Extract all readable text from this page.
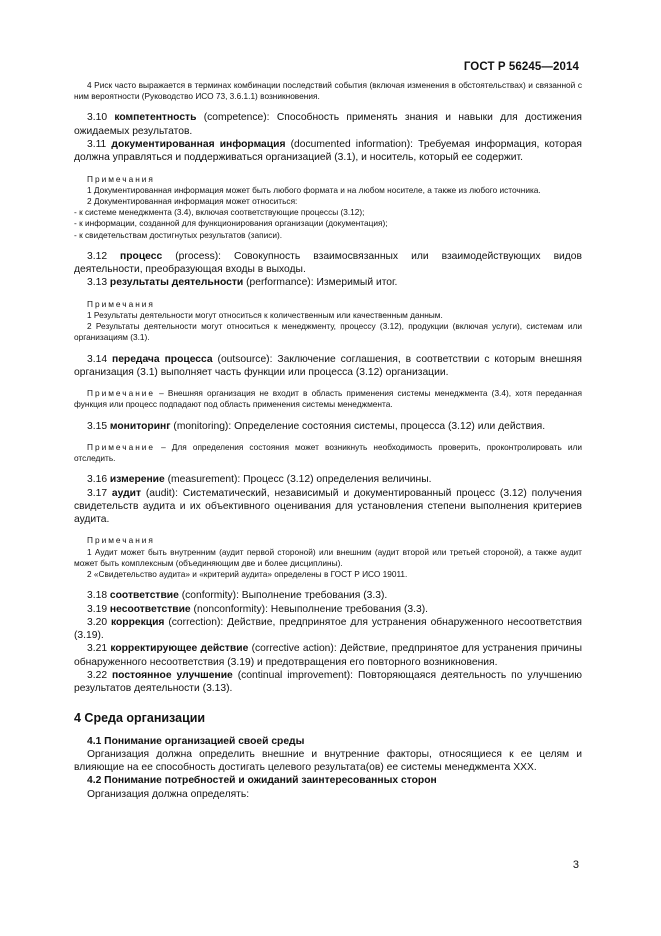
ГОСТ Р 56245—2014

4 Риск часто выражается в терминах комбинации последствий события (включая изменения в обстоятельствах) и связанной с ним вероятности (Руководство ИСО 73, 3.6.1.1) возникновения.

3.10 компетентность (competence): Способность применять знания и навыки для достижения ожидаемых результатов.

3.11 документированная информация (documented information): Требуемая информация, которая должна управляться и поддерживаться организацией (3.1), и носитель, который ее содержит.

Примечания

1 Документированная информация может быть любого формата и на любом носителе, а также из любого источника.

2 Документированная информация может относиться:

- к системе менеджмента (3.4), включая соответствующие процессы (3.12);

- к информации, созданной для функционирования организации (документация);

- к свидетельствам достигнутых результатов (записи).

3.12 процесс (process): Совокупность взаимосвязанных или взаимодействующих видов деятельности, преобразующая входы в выходы.

3.13 результаты деятельности (performance): Измеримый итог.

Примечания

1 Результаты деятельности могут относиться к количественным или качественным данным.

2 Результаты деятельности могут относиться к менеджменту, процессу (3.12), продукции (включая услуги), системам или организациям (3.1).

3.14 передача процесса (outsource): Заключение соглашения, в соответствии с которым внешняя организация (3.1) выполняет часть функции или процесса (3.12) организации.

Примечание – Внешняя организация не входит в область применения системы менеджмента (3.4), хотя переданная функция или процесс подпадают под область применения системы менеджмента.

3.15 мониторинг (monitoring): Определение состояния системы, процесса (3.12) или действия.

Примечание – Для определения состояния может возникнуть необходимость проверить, проконтролировать или отследить.

3.16 измерение (measurement): Процесс (3.12) определения величины.

3.17 аудит (audit): Систематический, независимый и документированный процесс (3.12) получения свидетельств аудита и их объективного оценивания для установления степени выполнения критериев аудита.

Примечания

1 Аудит может быть внутренним (аудит первой стороной) или внешним (аудит второй или третьей стороной), а также аудит может быть комплексным (объединяющим две и более дисциплины).

2 «Свидетельство аудита» и «критерий аудита» определены в ГОСТ Р ИСО 19011.

3.18 соответствие (conformity): Выполнение требования (3.3).

3.19 несоответствие (nonconformity): Невыполнение требования (3.3).

3.20 коррекция (correction): Действие, предпринятое для устранения обнаруженного несоответствия (3.19).

3.21 корректирующее действие (corrective action): Действие, предпринятое для устранения причины обнаруженного несоответствия (3.19) и предотвращения его повторного возникновения.

3.22 постоянное улучшение (continual improvement): Повторяющаяся деятельность по улучшению результатов деятельности (3.13).

4 Среда организации

4.1 Понимание организацией своей среды

Организация должна определить внешние и внутренние факторы, относящиеся к ее целям и влияющие на ее способность достигать целевого результата(ов) ее системы менеджмента ХХХ.

4.2 Понимание потребностей и ожиданий заинтересованных сторон

Организация должна определять:

3
